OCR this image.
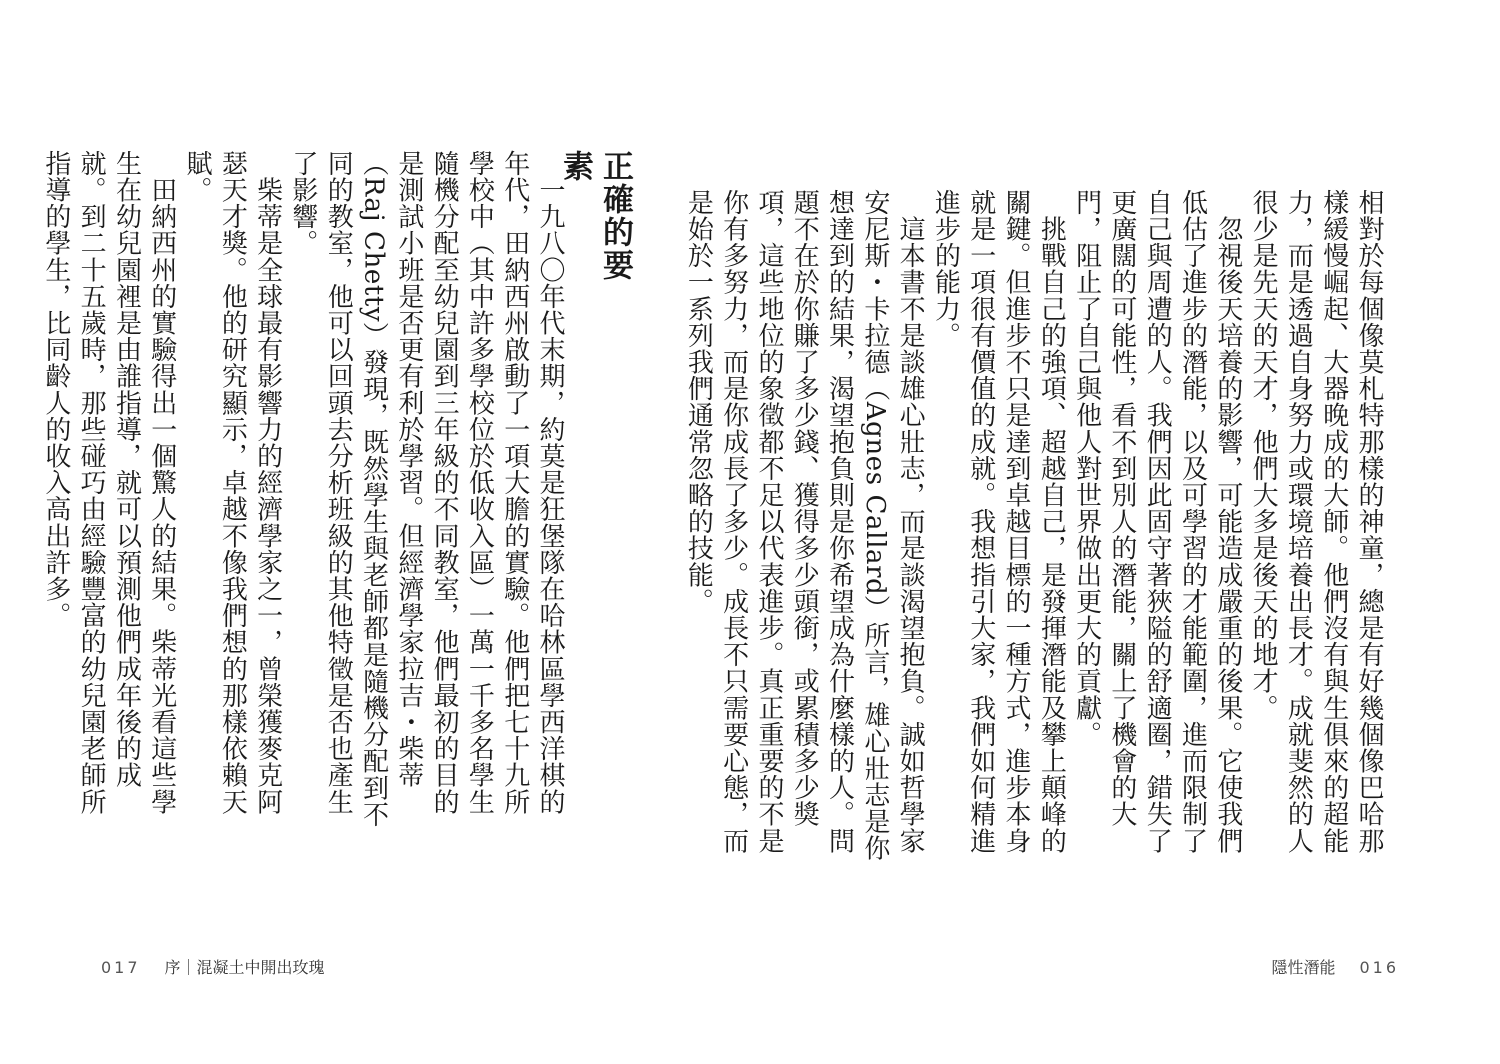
正確的要素
　一九八〇年代末期，約莫是狂堡隊在哈林區學西洋棋的年代，田納西州啟動了一項大膽的實驗。他們把七十九所學校中（其中許多學校位於低收入區）一萬一千多名學生隨機分配至幼兒園到三年級的不同教室，他們最初的目的是測試小班是否更有利於學習。但經濟學家拉吉・柴蒂（Raj Chetty）發現，既然學生與老師都是隨機分配到不同的教室，他可以回頭去分析班級的其他特徵是否也產生了影響。
　柴蒂是全球最有影響力的經濟學家之一，曾榮獲麥克阿瑟天才獎。他的研究顯示，卓越不像我們想的那樣依賴天賦。
　田納西州的實驗得出一個驚人的結果。柴蒂光看這些學生在幼兒園裡是由誰指導，就可以預測他們成年後的成就。到二十五歲時，那些碰巧由經驗豐富的幼兒園老師所指導的學生，比同齡人的收入高出許多。
017 序｜混凝土中開出玫瑰
相對於每個像莫札特那樣的神童，總是有好幾個像巴哈那樣緩慢崛起、大器晚成的大師。他們沒有與生俱來的超能力，而是透過自身努力或環境培養出長才。成就斐然的人很少是先天的天才，他們大多是後天的地才。
　忽視後天培養的影響，可能造成嚴重的後果。它使我們低估了進步的潛能，以及可學習的才能範圍，進而限制了自己與周遭的人。我們因此固守著狹隘的舒適圈，錯失了更廣闊的可能性，看不到別人的潛能，關上了機會的大門，阻止了自己與他人對世界做出更大的貢獻。
　挑戰自己的強項、超越自己，是發揮潛能及攀上顛峰的關鍵。但進步不只是達到卓越目標的一種方式，進步本身就是一項很有價值的成就。我想指引大家，我們如何精進進步的能力。
　這本書不是談雄心壯志，而是談渴望抱負。誠如哲學家安尼斯・卡拉德（Agnes Callard）所言，雄心壯志是你想達到的結果，渴望抱負則是你希望成為什麼樣的人。問題不在於你賺了多少錢、獲得多少頭銜，或累積多少獎項，這些地位的象徵都不足以代表進步。真正重要的不是你有多努力，而是你成長了多少。成長不只需要心態，而是始於一系列我們通常忽略的技能。
隱性潛能 016
